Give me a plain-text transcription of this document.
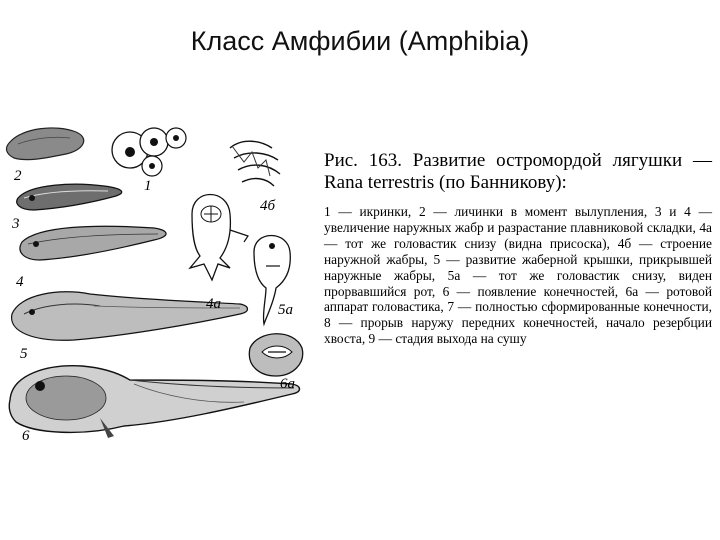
Класс Амфибии (Amphibia)
2
3
4
5
6
1
4б
4а	5а
6а

Рис. 163. Развитие остромордой лягушки — Rana terrestris (по Банникову):

1 — икринки, 2 — личинки в момент вылупления, 3 и 4 — увеличение наружных жабр и разрастание плавниковой складки, 4а — тот же головастик снизу (видна присоска), 4б — строение наружной жабры, 5 — развитие жаберной крышки, прикрывшей наружные жабры, 5а — тот же головастик снизу, виден прорвавшийся рот, 6 — появление конечностей, 6а — ротовой аппарат головастика, 7 — полностью сформированные конечности, 8 — прорыв наружу передних конечностей, начало резербции хвоста, 9 — стадия выхода на сушу
